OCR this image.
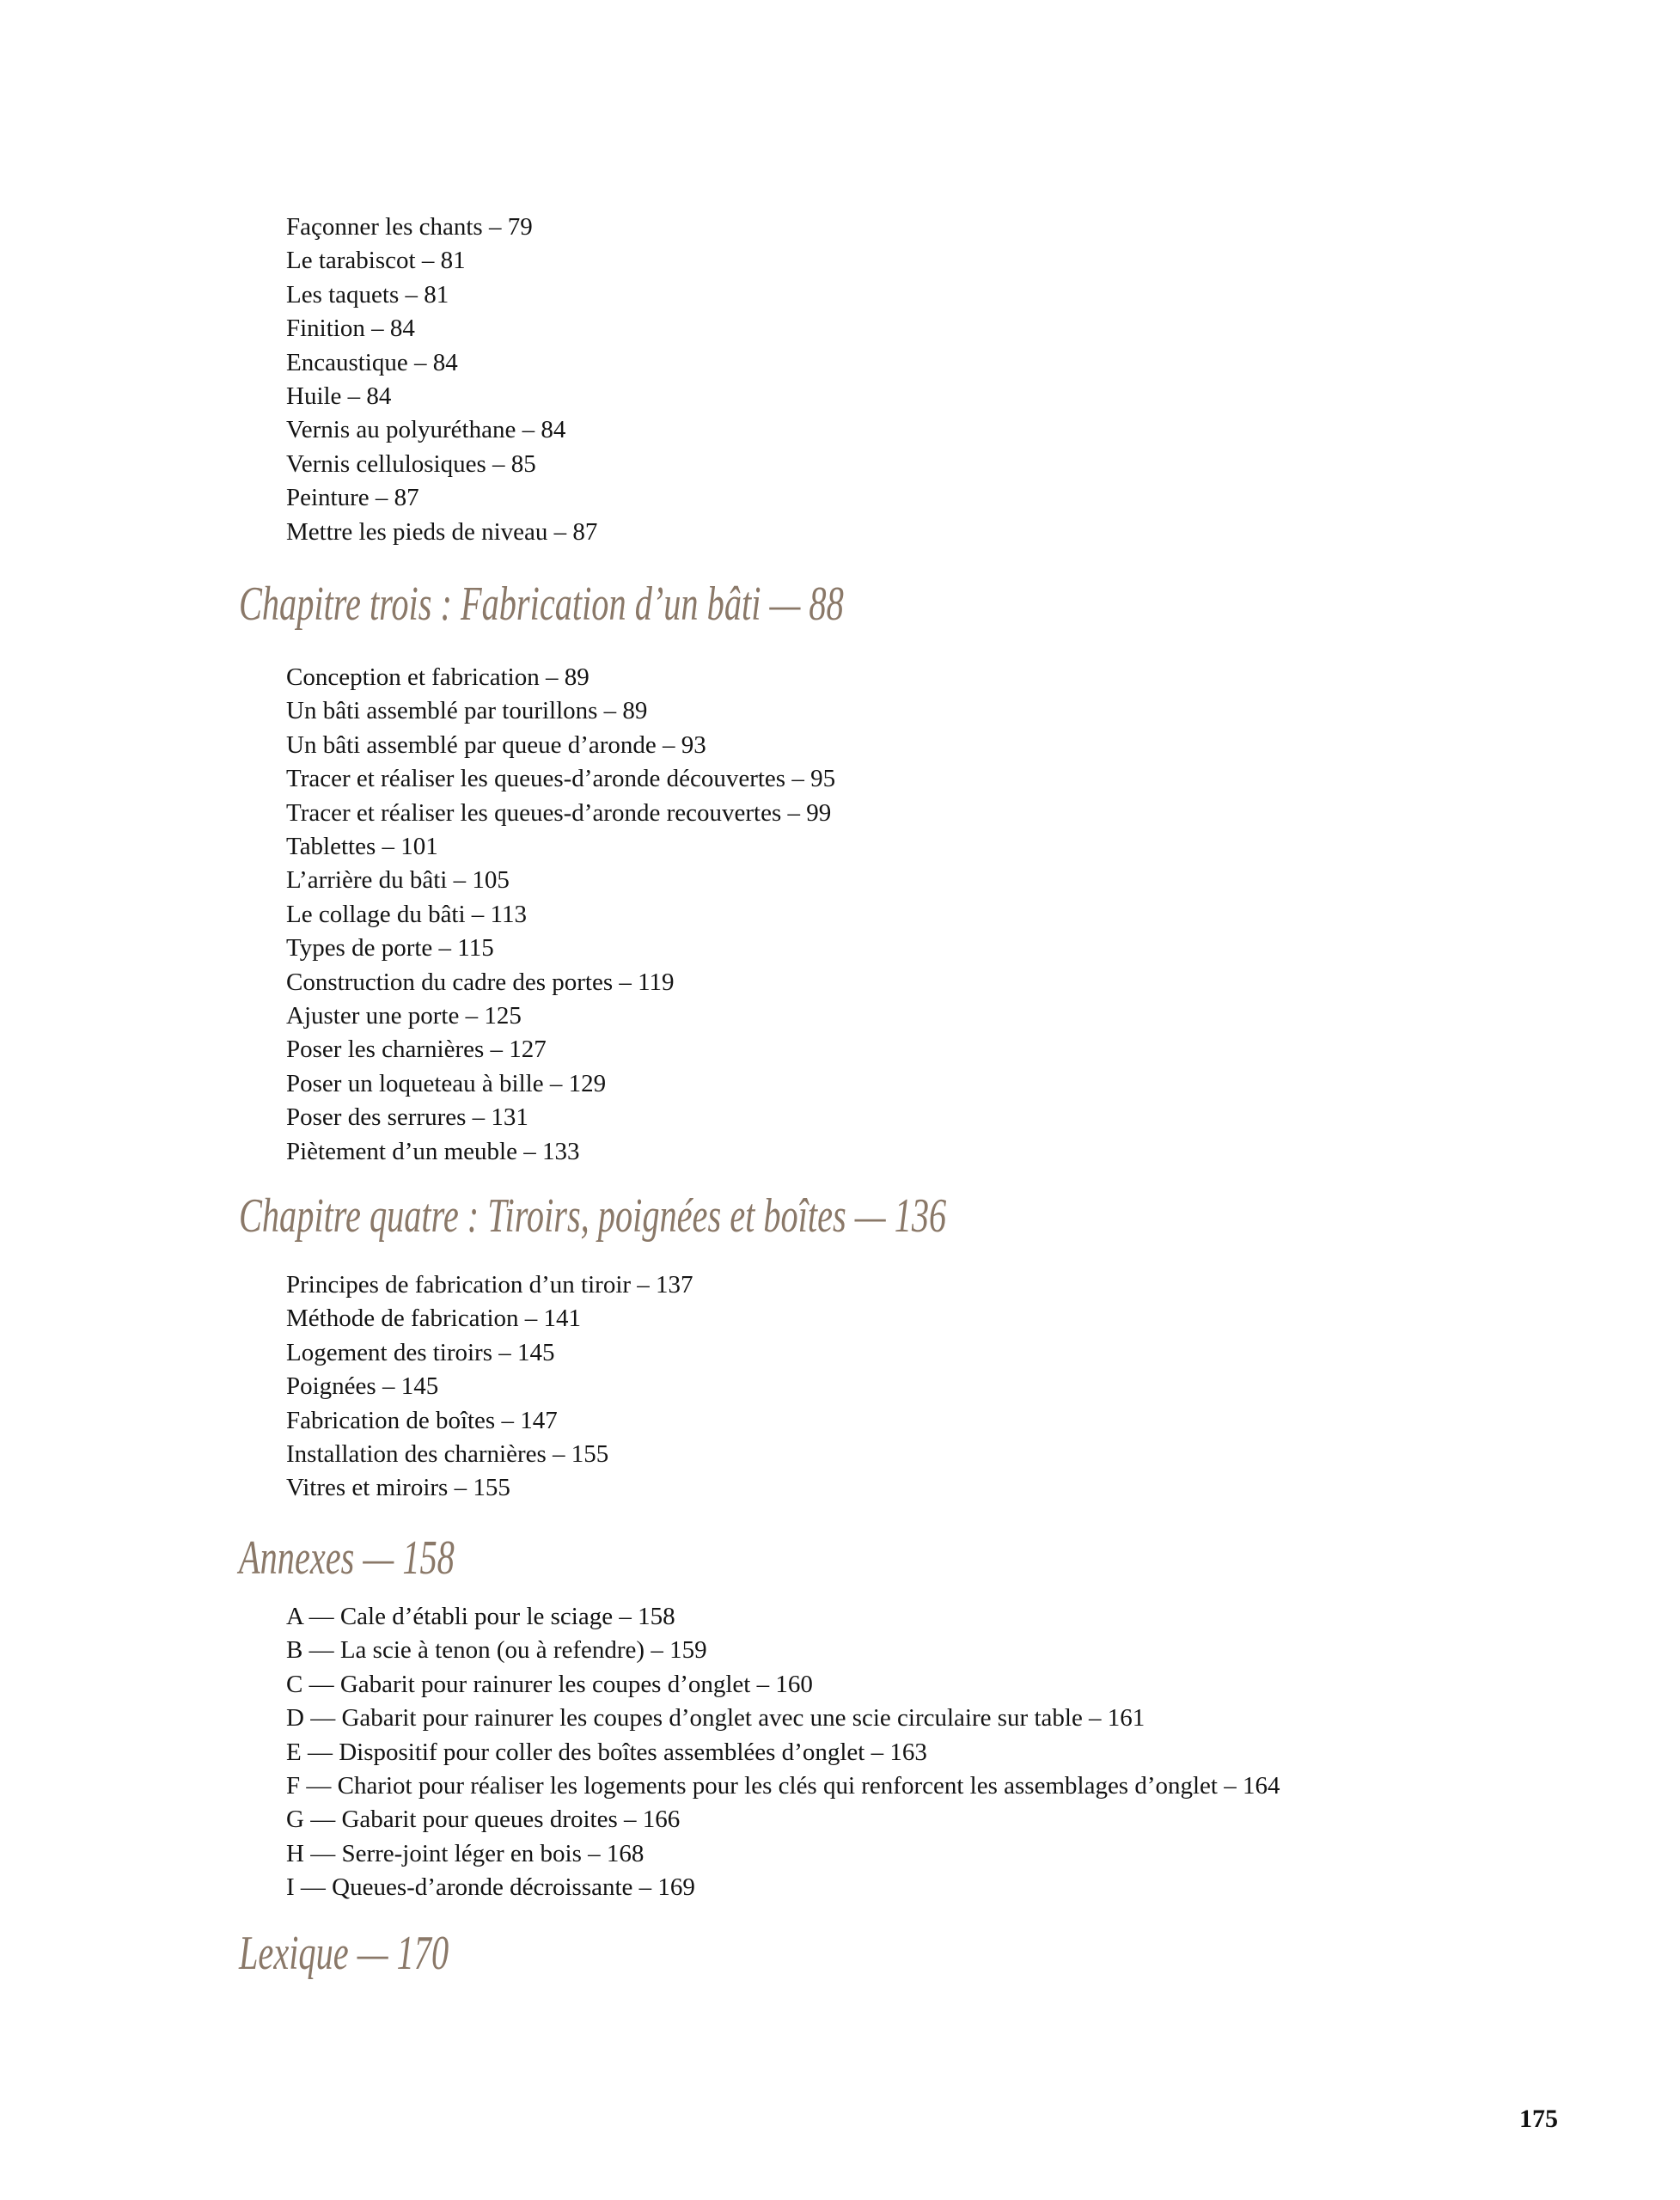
Façonner les chants – 79
Le tarabiscot – 81
Les taquets – 81
Finition – 84
Encaustique – 84
Huile – 84
Vernis au polyuréthane – 84
Vernis cellulosiques – 85
Peinture – 87
Mettre les pieds de niveau – 87
Chapitre trois : Fabrication d’un bâti — 88
Conception et fabrication – 89
Un bâti assemblé par tourillons – 89
Un bâti assemblé par queue d’aronde – 93
Tracer et réaliser les queues-d’aronde découvertes – 95
Tracer et réaliser les queues-d’aronde recouvertes – 99
Tablettes – 101
L’arrière du bâti – 105
Le collage du bâti – 113
Types de porte – 115
Construction du cadre des portes – 119
Ajuster une porte – 125
Poser les charnières – 127
Poser un loqueteau à bille – 129
Poser des serrures – 131
Piètement d’un meuble – 133
Chapitre quatre : Tiroirs, poignées et boîtes — 136
Principes de fabrication d’un tiroir – 137
Méthode de fabrication – 141
Logement des tiroirs – 145
Poignées – 145
Fabrication de boîtes – 147
Installation des charnières – 155
Vitres et miroirs – 155
Annexes — 158
A — Cale d’établi pour le sciage – 158
B — La scie à tenon (ou à refendre) – 159
C — Gabarit pour rainurer les coupes d’onglet – 160
D — Gabarit pour rainurer les coupes d’onglet avec une scie circulaire sur table – 161
E — Dispositif pour coller des boîtes assemblées d’onglet – 163
F — Chariot pour réaliser les logements pour les clés qui renforcent les assemblages d’onglet – 164
G — Gabarit pour queues droites – 166
H — Serre-joint léger en bois – 168
I — Queues-d’aronde décroissante – 169
Lexique — 170
175
